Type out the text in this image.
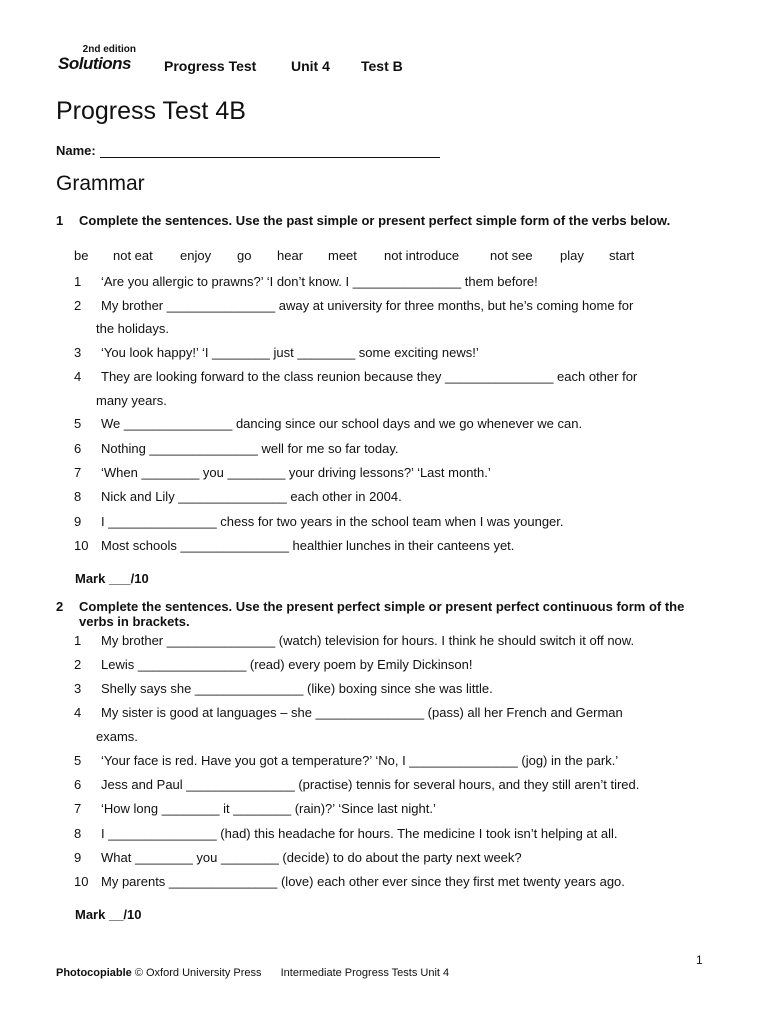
2nd edition
Solutions Progress Test Unit 4 Test B
Progress Test 4B
Name:
Grammar
1 Complete the sentences. Use the past simple or present perfect simple form of the verbs below.
be not eat enjoy go hear meet not introduce not see play start
1	‘Are you allergic to prawns?’ ‘I don’t know. I _______________ them before!
2	My brother _______________ away at university for three months, but he’s coming home for
the holidays.
3	‘You look happy!’ ‘I ________ just ________ some exciting news!’
4	They are looking forward to the class reunion because they _______________ each other for
many years.
5	We _______________ dancing since our school days and we go whenever we can.
6	Nothing _______________ well for me so far today.
7	‘When ________ you ________ your driving lessons?’ ‘Last month.’
8	Nick and Lily _______________ each other in 2004.
9	I _______________ chess for two years in the school team when I was younger.
10 Most schools _______________ healthier lunches in their canteens yet.
Mark ___/10
2 Complete the sentences. Use the present perfect simple or present perfect continuous form of the verbs in brackets.
1	My brother _______________ (watch) television for hours. I think he should switch it off now.
2	Lewis _______________ (read) every poem by Emily Dickinson!
3	Shelly says she _______________ (like) boxing since she was little.
4	My sister is good at languages – she _______________ (pass) all her French and German
exams.
5	‘Your face is red. Have you got a temperature?’ ‘No, I _______________ (jog) in the park.’
6	Jess and Paul _______________ (practise) tennis for several hours, and they still aren’t tired.
7	‘How long ________ it ________ (rain)?’ ‘Since last night.’
8	I _______________ (had) this headache for hours. The medicine I took isn’t helping at all.
9	What ________ you ________ (decide) to do about the party next week?
10 My parents _______________ (love) each other ever since they first met twenty years ago.
Mark __/10
1
Photocopiable © Oxford University Press Intermediate Progress Tests Unit 4
